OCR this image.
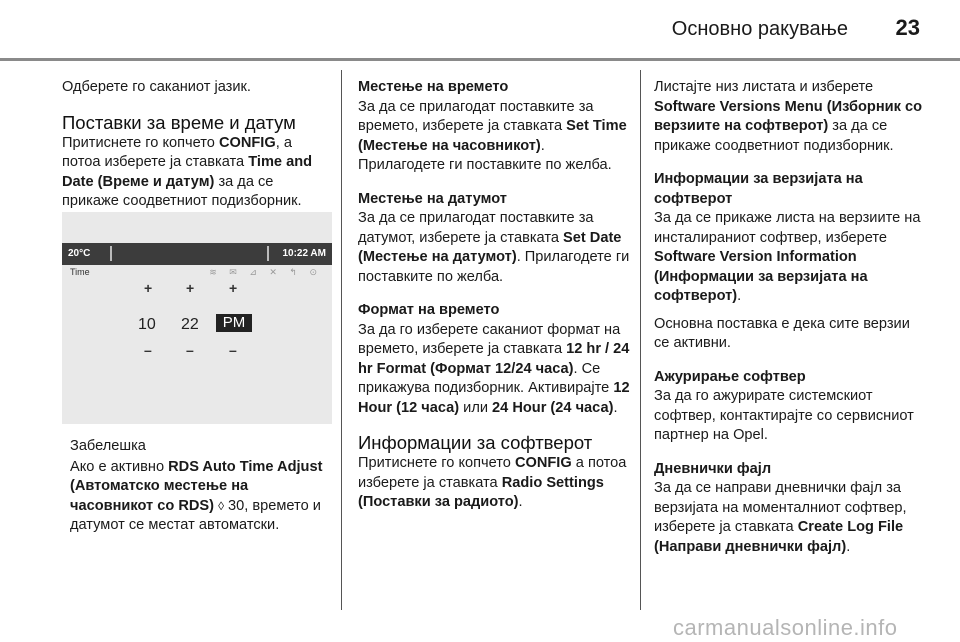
Основно ракување 23

Одберете го саканиот јазик.

Поставки за време и датум

Притиснете го копчето CONFIG, а потоа изберете ја ставката Time and Date (Време и датум) за да се прикаже соодветниот подизборник.

20°C	10:22 AM
Time	≋ ✉ ⊿ ✕ ↰ ⊙
+ + +
10 22	PM
– –	–
Забелешка
Ако е активно RDS Auto Time Adjust (Автоматско местење на часовникот со RDS) ◊ 30, времето и датумот се местат автоматски.
Местење на времето

За да се прилагодат поставките за времето, изберете ја ставката Set Time (Местење на часовникот). Прилагодете ги поставките по желба.

Местење на датумот

За да се прилагодат поставките за датумот, изберете ја ставката Set Date (Местење на датумот). Прилагодете ги поставките по желба.

Формат на времето

За да го изберете саканиот формат на времето, изберете ја ставката 12 hr / 24 hr Format (Формат 12/24 часа). Се прикажува подизборник. Активирајте 12 Hour (12 часа) или 24 Hour (24 часа).

Информации за софтверот

Притиснете го копчето CONFIG а потоа изберете ја ставката Radio Settings (Поставки за радиото).

Листајте низ листата и изберете Software Versions Menu (Изборник со верзиите на софтверот) за да се прикаже соодветниот подизборник.

Информации за верзијата на софтверот

За да се прикаже листа на верзиите на инсталираниот софтвер, изберете Software Version Information (Информации за верзијата на софтверот).

Основна поставка е дека сите верзии се активни.

Ажурирање софтвер

За да го ажурирате системскиот софтвер, контактирајте со сервисниот партнер на Opel.

Дневнички фајл

За да се направи дневнички фајл за верзијата на моменталниот софтвер, изберете ја ставката Create Log File (Направи дневнички фајл).

carmanualsonline.info
